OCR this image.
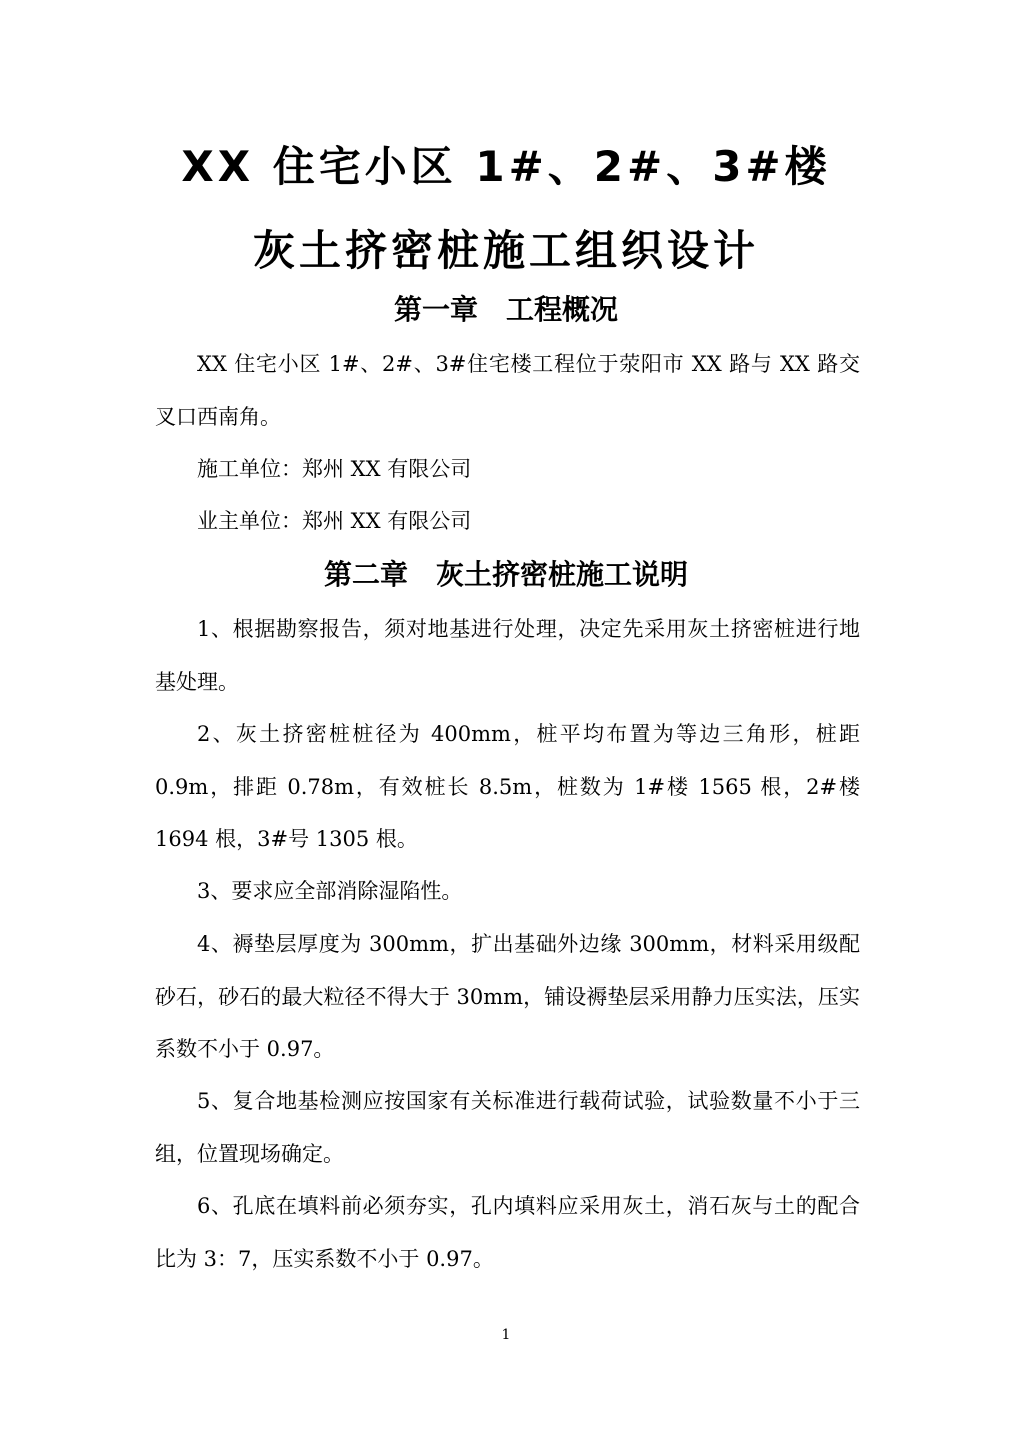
XX 住宅小区 1#、2#、3#楼
灰土挤密桩施工组织设计
第一章　工程概况
XX 住宅小区 1#、2#、3#住宅楼工程位于荥阳市 XX 路与 XX 路交叉口西南角。
施工单位：郑州 XX 有限公司
业主单位：郑州 XX 有限公司
第二章　灰土挤密桩施工说明
1、根据勘察报告，须对地基进行处理，决定先采用灰土挤密桩进行地基处理。
2、灰土挤密桩桩径为 400mm，桩平均布置为等边三角形，桩距 0.9m，排距 0.78m，有效桩长 8.5m，桩数为 1#楼 1565 根，2#楼 1694 根，3#号 1305 根。
3、要求应全部消除湿陷性。
4、褥垫层厚度为 300mm，扩出基础外边缘 300mm，材料采用级配砂石，砂石的最大粒径不得大于 30mm，铺设褥垫层采用静力压实法，压实系数不小于 0.97。
5、复合地基检测应按国家有关标准进行载荷试验，试验数量不小于三组，位置现场确定。
6、孔底在填料前必须夯实，孔内填料应采用灰土，消石灰与土的配合比为 3：7，压实系数不小于 0.97。
1
